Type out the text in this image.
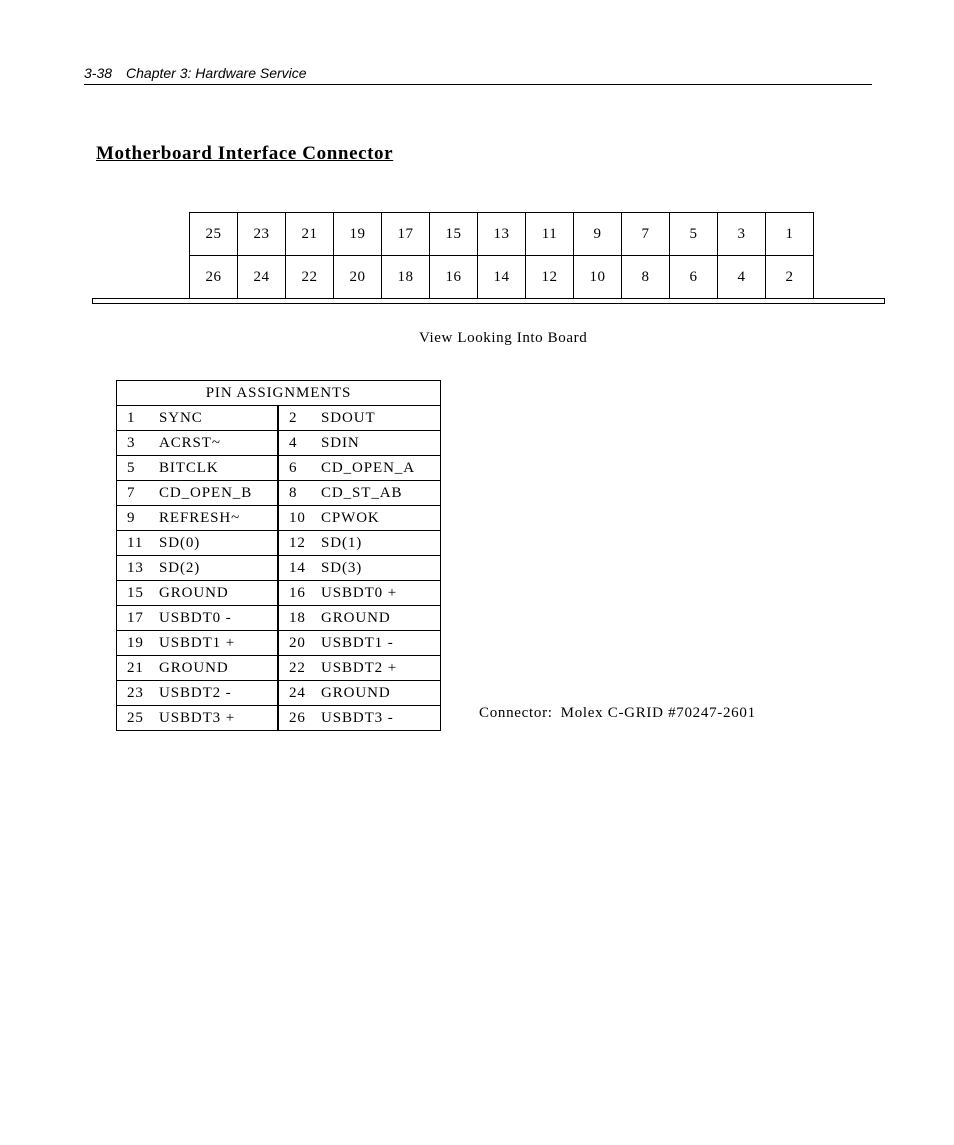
3-38 Chapter 3: Hardware Service
Motherboard Interface Connector
25	23	21	19	17	15	13	11	9	7	5	3	1
26	24	22	20	18	16	14	12	10	8	6	4	2
View Looking Into Board
PIN ASSIGNMENTS	
1 SYNC	2 SDOUT
3 ACRST~	4 SDIN
5 BITCLK	6 CD_OPEN_A
7 CD_OPEN_B	8 CD_ST_AB
9 REFRESH~	10 CPWOK
11 SD(0)	12 SD(1)
13 SD(2)	14 SD(3)
15 GROUND	16 USBDT0 +
17 USBDT0 -	18 GROUND
19 USBDT1 +	20 USBDT1 -
21 GROUND	22 USBDT2 +
23 USBDT2 -	24 GROUND
25 USBDT3 +	26 USBDT3 -	Connector: Molex C-GRID #70247-2601
